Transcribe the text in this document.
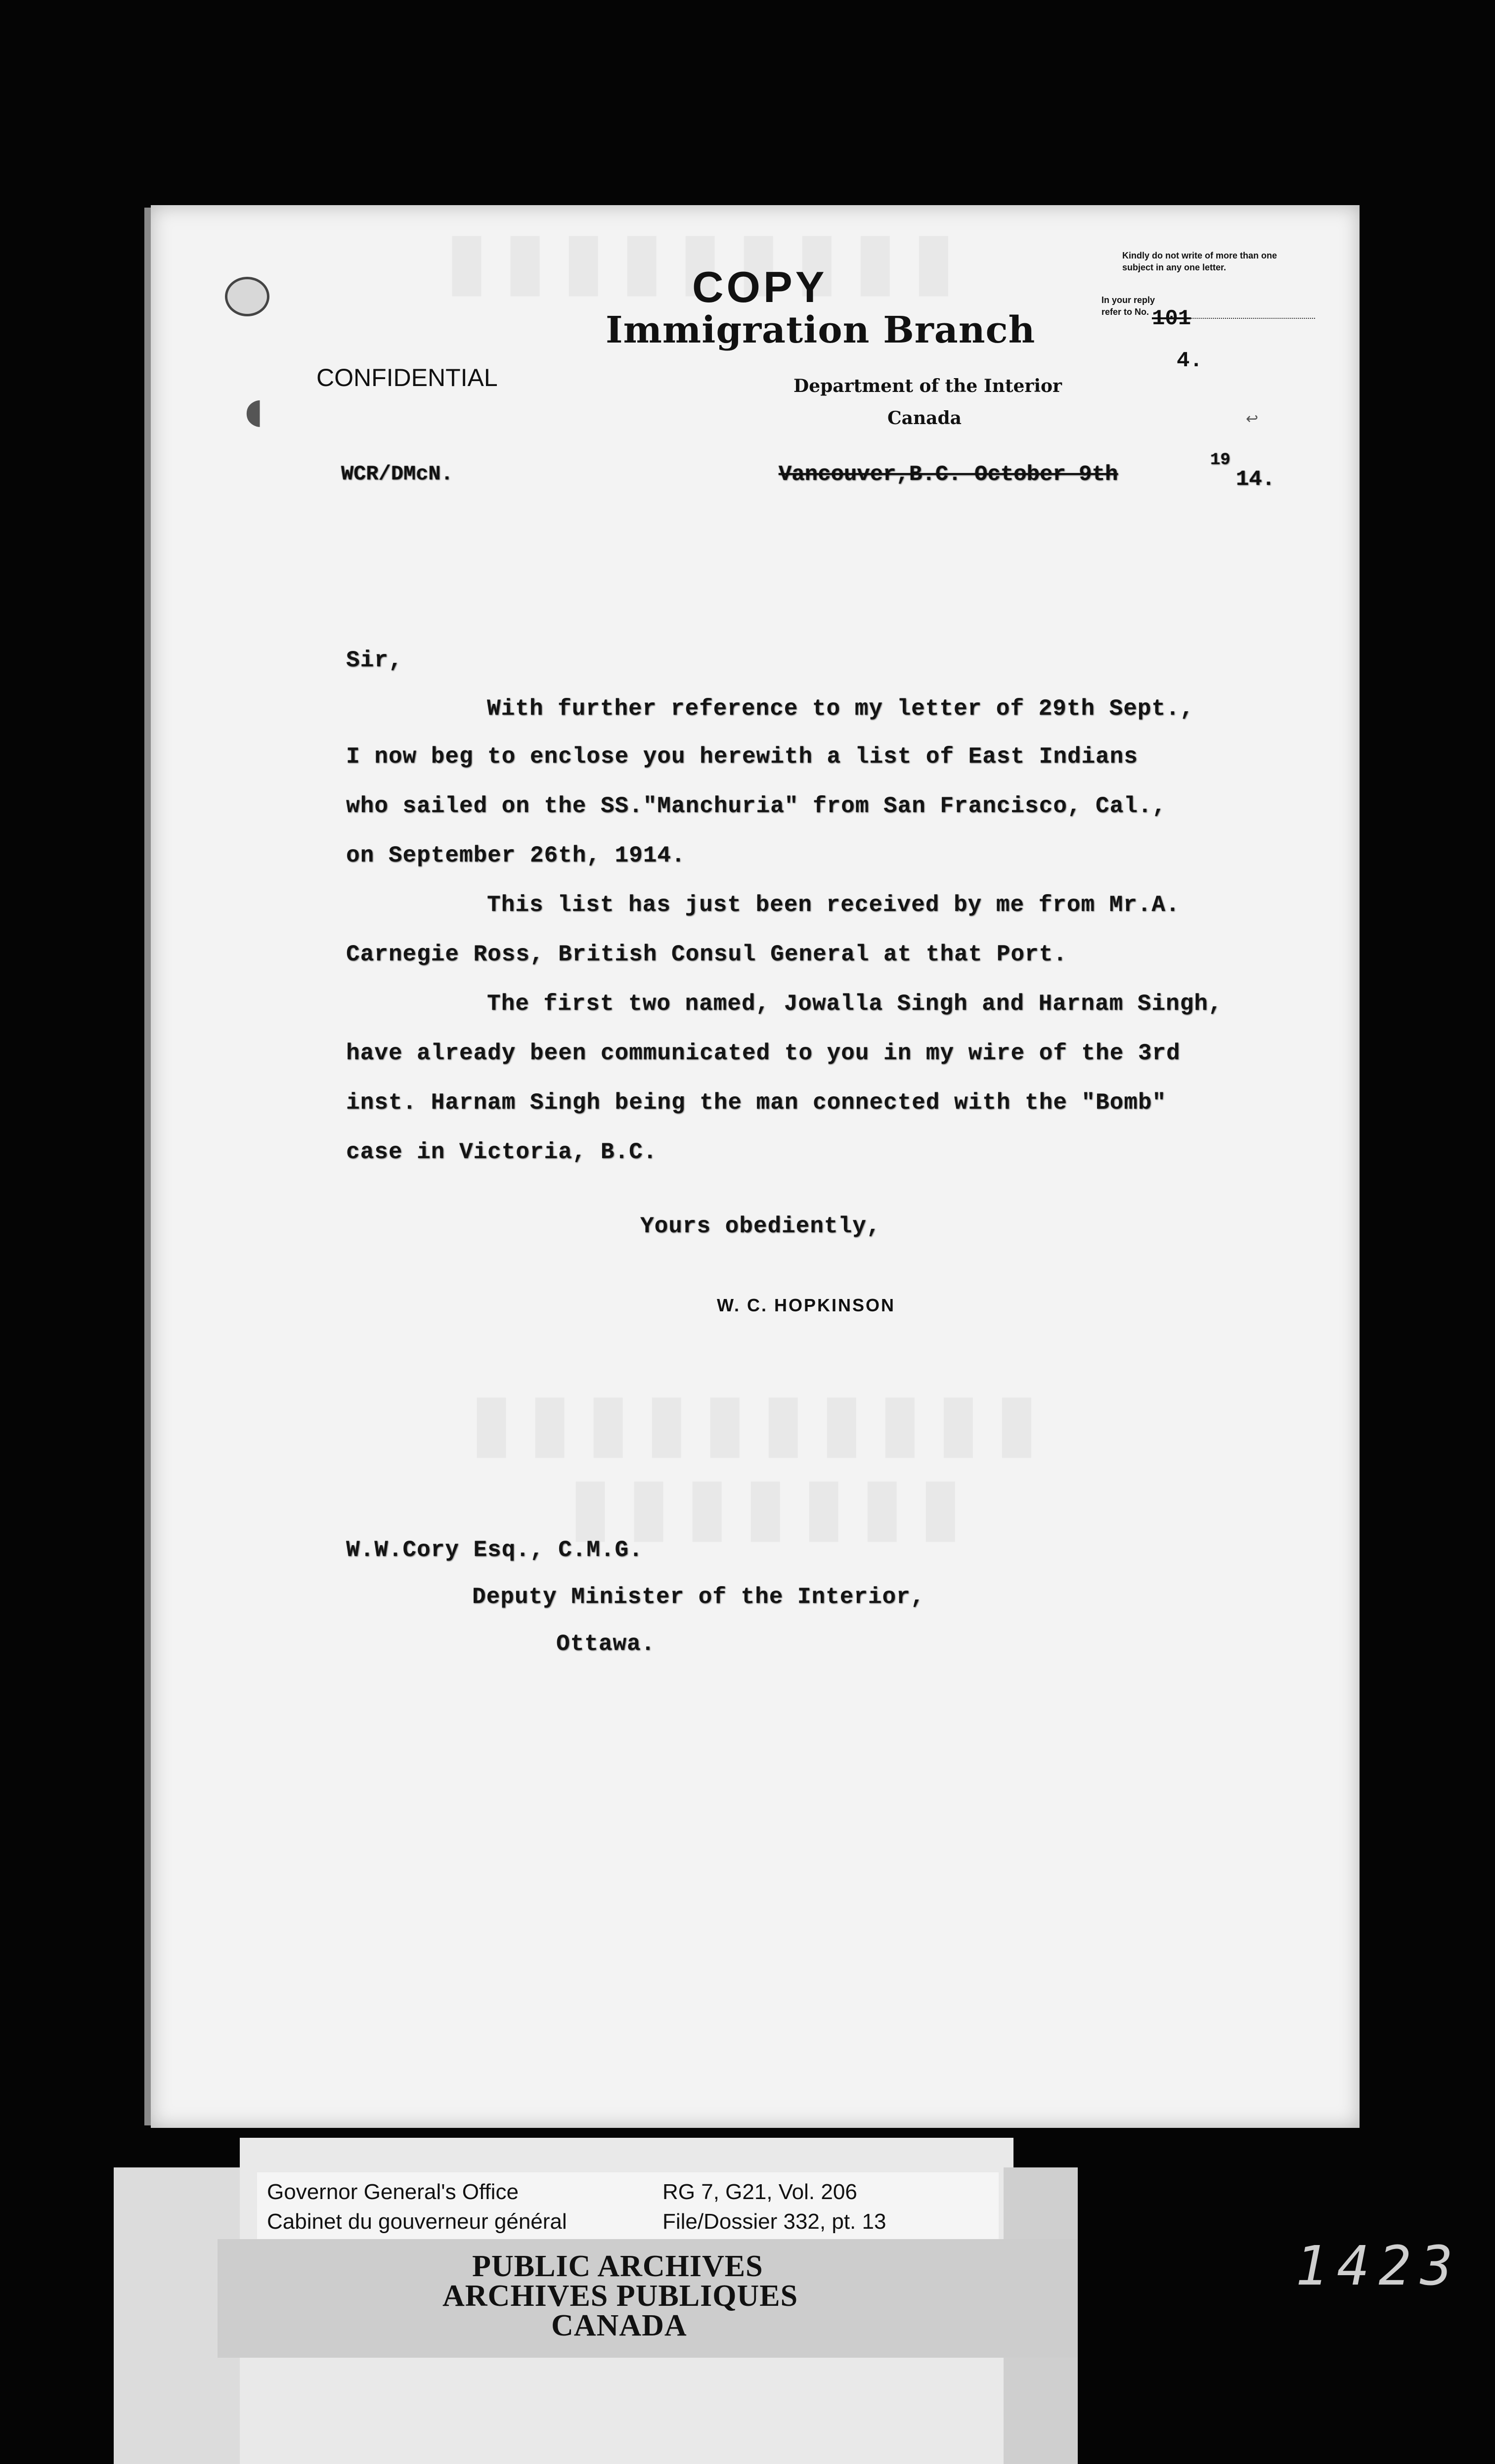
◖
Kindly do not write of more than one subject in any one letter.
In your reply
refer to No. 101
4.
COPY
Immigration Branch
Department of the Interior
Canada
CONFIDENTIAL
↩
WCR/DMcN.	Vancouver,B.C. October 9th
19
14.
Sir,
With further reference to my letter of 29th Sept.,
I now beg to enclose you herewith a list of East Indians
who sailed on the SS."Manchuria" from San Francisco, Cal.,
on September 26th, 1914.
This list has just been received by me from Mr.A.
Carnegie Ross, British Consul General at that Port.
The first two named, Jowalla Singh and Harnam Singh,
have already been communicated to you in my wire of the 3rd
inst. Harnam Singh being the man connected with the "Bomb"
case in Victoria, B.C.
Yours obediently,
W. C. HOPKINSON
W.W.Cory Esq., C.M.G.
Deputy Minister of the Interior,
Ottawa.
Governor General's Office
Cabinet du gouverneur général
RG 7, G21, Vol. 206
File/Dossier 332, pt. 13
PUBLIC ARCHIVES
ARCHIVES PUBLIQUES
CANADA
1423
